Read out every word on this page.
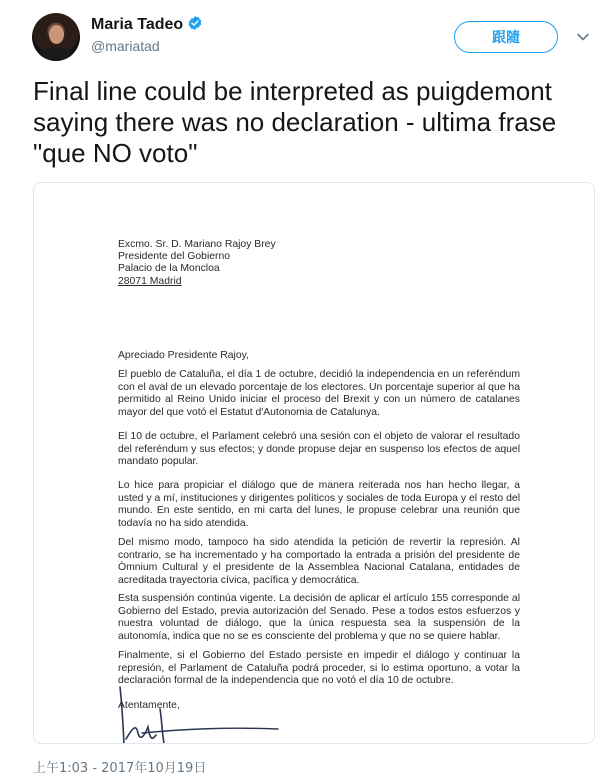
Maria Tadeo
@mariatad	跟隨
Final line could be interpreted as puigdemont saying there was no declaration - ultima frase "que NO voto"
Excmo. Sr. D. Mariano Rajoy Brey
Presidente del Gobierno
Palacio de la Moncloa
28071 Madrid
Apreciado Presidente Rajoy,
El pueblo de Cataluña, el día 1 de octubre, decidió la independencia en un referéndum con el aval de un elevado porcentaje de los electores. Un porcentaje superior al que ha permitido al Reino Unido iniciar el proceso del Brexit y con un número de catalanes mayor del que votó el Estatut d'Autonomia de Catalunya.
El 10 de octubre, el Parlament celebró una sesión con el objeto de valorar el resultado del referéndum y sus efectos; y donde propuse dejar en suspenso los efectos de aquel mandato popular.
Lo hice para propiciar el diálogo que de manera reiterada nos han hecho llegar, a usted y a mí, instituciones y dirigentes políticos y sociales de toda Europa y el resto del mundo. En este sentido, en mi carta del lunes, le propuse celebrar una reunión que todavía no ha sido atendida.
Del mismo modo, tampoco ha sido atendida la petición de revertir la represión. Al contrario, se ha incrementado y ha comportado la entrada a prisión del presidente de Òmnium Cultural y el presidente de la Assemblea Nacional Catalana, entidades de acreditada trayectoria cívica, pacífica y democrática.
Esta suspensión continúa vigente. La decisión de aplicar el artículo 155 corresponde al Gobierno del Estado, previa autorización del Senado. Pese a todos estos esfuerzos y nuestra voluntad de diálogo, que la única respuesta sea la suspensión de la autonomía, indica que no se es consciente del problema y que no se quiere hablar.
Finalmente, si el Gobierno del Estado persiste en impedir el diálogo y continuar la represión, el Parlament de Cataluña podrá proceder, si lo estima oportuno, a votar la declaración formal de la independencia que no votó el día 10 de octubre.
Atentamente,
上午1:03 - 2017年10月19日
